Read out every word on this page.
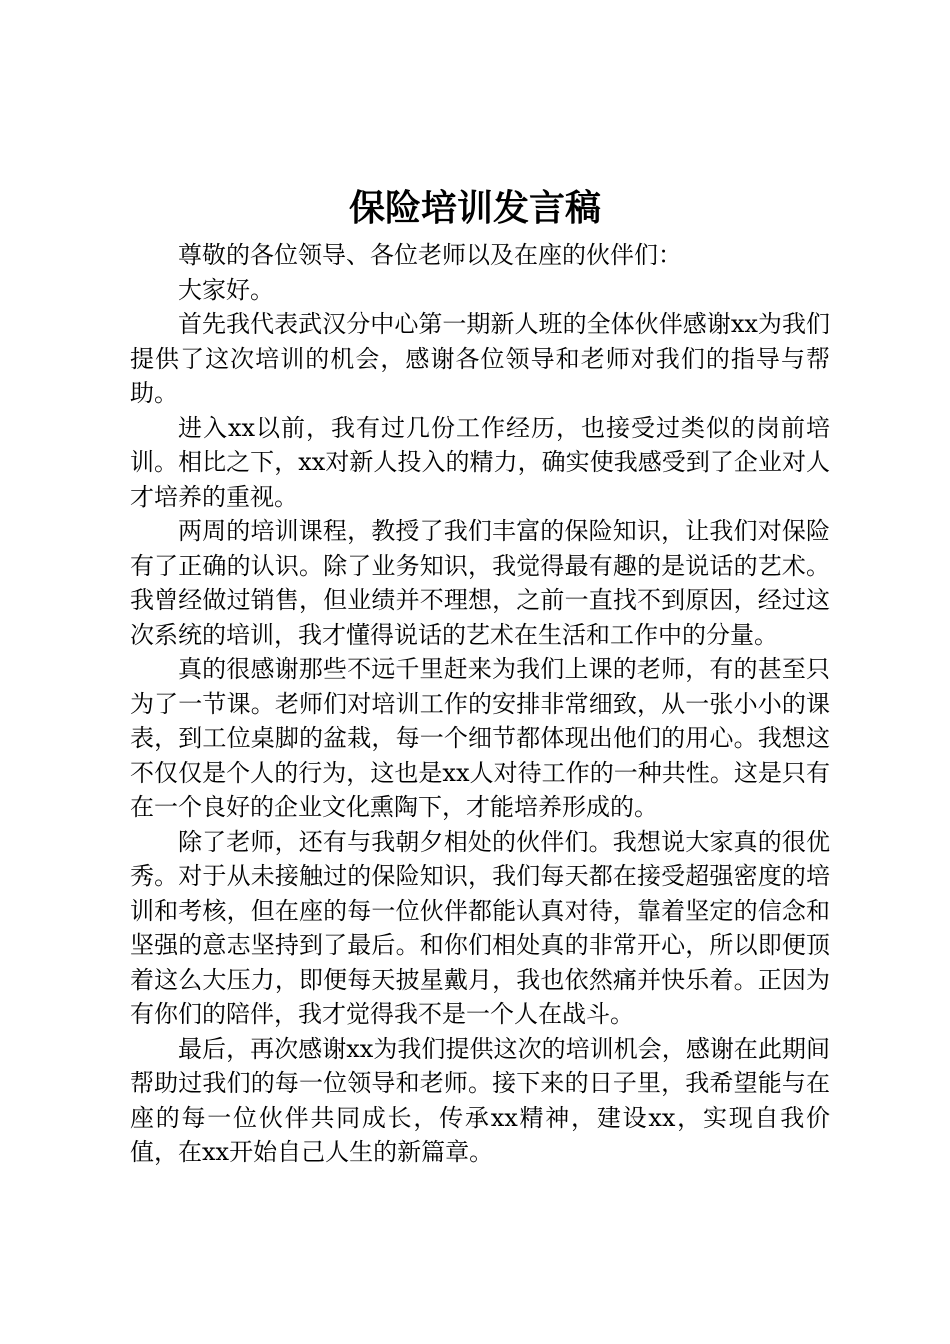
保险培训发言稿

尊敬的各位领导、各位老师以及在座的伙伴们：

大家好。

首先我代表武汉分中心第一期新人班的全体伙伴感谢xx为我们提供了这次培训的机会，感谢各位领导和老师对我们的指导与帮助。

进入xx以前，我有过几份工作经历，也接受过类似的岗前培训。相比之下，xx对新人投入的精力，确实使我感受到了企业对人才培养的重视。

两周的培训课程，教授了我们丰富的保险知识，让我们对保险有了正确的认识。除了业务知识，我觉得最有趣的是说话的艺术。我曾经做过销售，但业绩并不理想，之前一直找不到原因，经过这次系统的培训，我才懂得说话的艺术在生活和工作中的分量。

真的很感谢那些不远千里赶来为我们上课的老师，有的甚至只为了一节课。老师们对培训工作的安排非常细致，从一张小小的课表，到工位桌脚的盆栽，每一个细节都体现出他们的用心。我想这不仅仅是个人的行为，这也是xx人对待工作的一种共性。这是只有在一个良好的企业文化熏陶下，才能培养形成的。

除了老师，还有与我朝夕相处的伙伴们。我想说大家真的很优秀。对于从未接触过的保险知识，我们每天都在接受超强密度的培训和考核，但在座的每一位伙伴都能认真对待，靠着坚定的信念和坚强的意志坚持到了最后。和你们相处真的非常开心，所以即便顶着这么大压力，即便每天披星戴月，我也依然痛并快乐着。正因为有你们的陪伴，我才觉得我不是一个人在战斗。

最后，再次感谢xx为我们提供这次的培训机会，感谢在此期间帮助过我们的每一位领导和老师。接下来的日子里，我希望能与在座的每一位伙伴共同成长，传承xx精神，建设xx，实现自我价值，在xx开始自己人生的新篇章。
